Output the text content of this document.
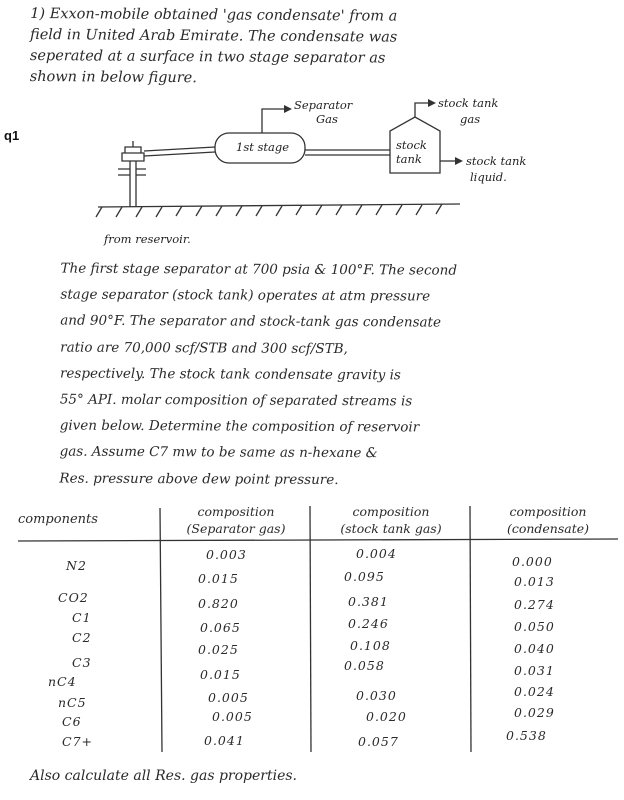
q1
1) Exxon-mobile obtained 'gas condensate' from a
field in United Arab Emirate. The condensate was
seperated at a surface in two stage separator as
shown in below figure.
Separator
Gas
stock tank
gas
1st stage	stock
tank	stock tank
liquid.
from reservoir.
The first stage separator at 700 psia & 100°F. The second
stage separator (stock tank) operates at atm pressure
and 90°F. The separator and stock-tank gas condensate
ratio are 70,000 scf/STB and 300 scf/STB,
respectively. The stock tank condensate gravity is
55° API. molar composition of separated streams is
given below. Determine the composition of reservoir
gas. Assume C7 mw to be same as n-hexane &
Res. pressure above dew point pressure.
components
composition
(Separator gas)
composition
(stock tank gas)
composition
(condensate)
N2
CO2
C1
C2
C3
nC4
nC5
C6
C7+
0.003
0.015
0.820
0.065
0.025
0.015
0.005
0.005
0.041
0.004
0.095
0.381
0.246
0.108
0.058
0.030
0.020
0.057
0.000
0.013
0.274
0.050
0.040
0.031
0.024
0.029
0.538
Also calculate all Res. gas properties.
